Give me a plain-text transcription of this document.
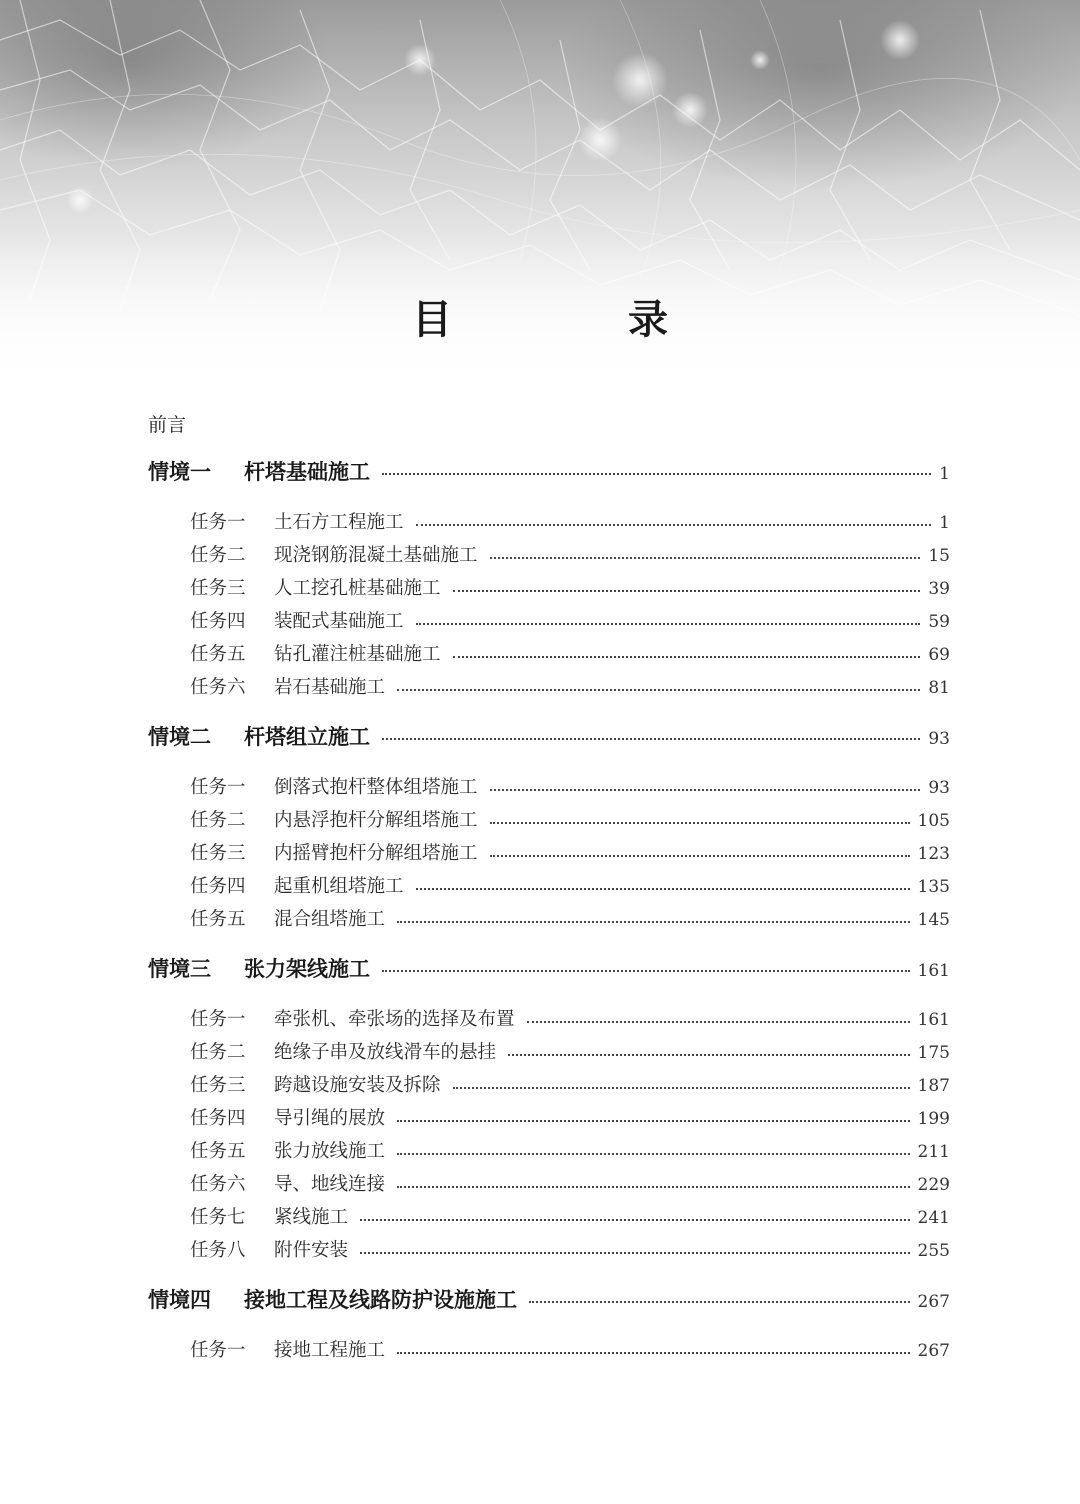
目　录
前言
情境一	杆塔基础施工	1
任务一	土石方工程施工	1
任务二	现浇钢筋混凝土基础施工	15
任务三	人工挖孔桩基础施工	39
任务四	装配式基础施工	59
任务五	钻孔灌注桩基础施工	69
任务六	岩石基础施工	81
情境二	杆塔组立施工	93
任务一	倒落式抱杆整体组塔施工	93
任务二	内悬浮抱杆分解组塔施工	105
任务三	内摇臂抱杆分解组塔施工	123
任务四	起重机组塔施工	135
任务五	混合组塔施工	145
情境三	张力架线施工	161
任务一	牵张机、牵张场的选择及布置	161
任务二	绝缘子串及放线滑车的悬挂	175
任务三	跨越设施安装及拆除	187
任务四	导引绳的展放	199
任务五	张力放线施工	211
任务六	导、地线连接	229
任务七	紧线施工	241
任务八	附件安装	255
情境四	接地工程及线路防护设施施工	267
任务一	接地工程施工	267
